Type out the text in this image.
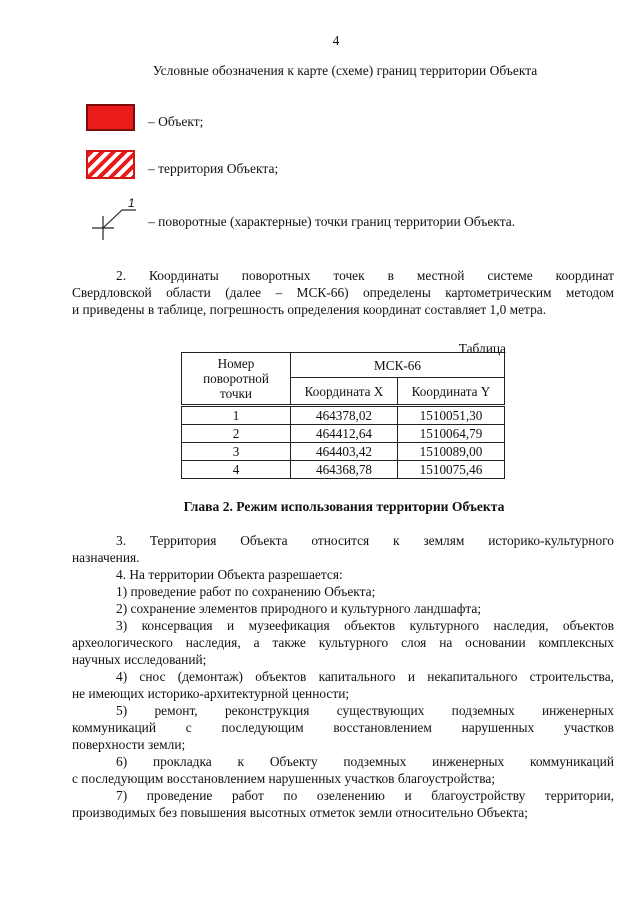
4
Условные обозначения к карте (схеме) границ территории Объекта
– Объект;
– территория Объекта;
1
– поворотные (характерные) точки границ территории Объекта.
2. Координаты поворотных точек в местной системе координат
Свердловской области (далее – МСК-66) определены картометрическим методом
и приведены в таблице, погрешность определения координат составляет 1,0 метра.
Таблица
Номер
поворотной
точки	МСК-66	
	Координата X	Координата Y
1	464378,02	1510051,30
2	464412,64	1510064,79
3	464403,42	1510089,00
4	464368,78	1510075,46
Глава 2. Режим использования территории Объекта
3. Территория Объекта относится к землям историко-культурного
назначения.
4. На территории Объекта разрешается:
1) проведение работ по сохранению Объекта;
2) сохранение элементов природного и культурного ландшафта;
3) консервация и музеефикация объектов культурного наследия, объектов
археологического наследия, а также культурного слоя на основании комплексных
научных исследований;
4) снос (демонтаж) объектов капитального и некапитального строительства,
не имеющих историко-архитектурной ценности;
5) ремонт, реконструкция существующих подземных инженерных
коммуникаций с последующим восстановлением нарушенных участков
поверхности земли;
6) прокладка к Объекту подземных инженерных коммуникаций
с последующим восстановлением нарушенных участков благоустройства;
7) проведение работ по озеленению и благоустройству территории,
производимых без повышения высотных отметок земли относительно Объекта;
